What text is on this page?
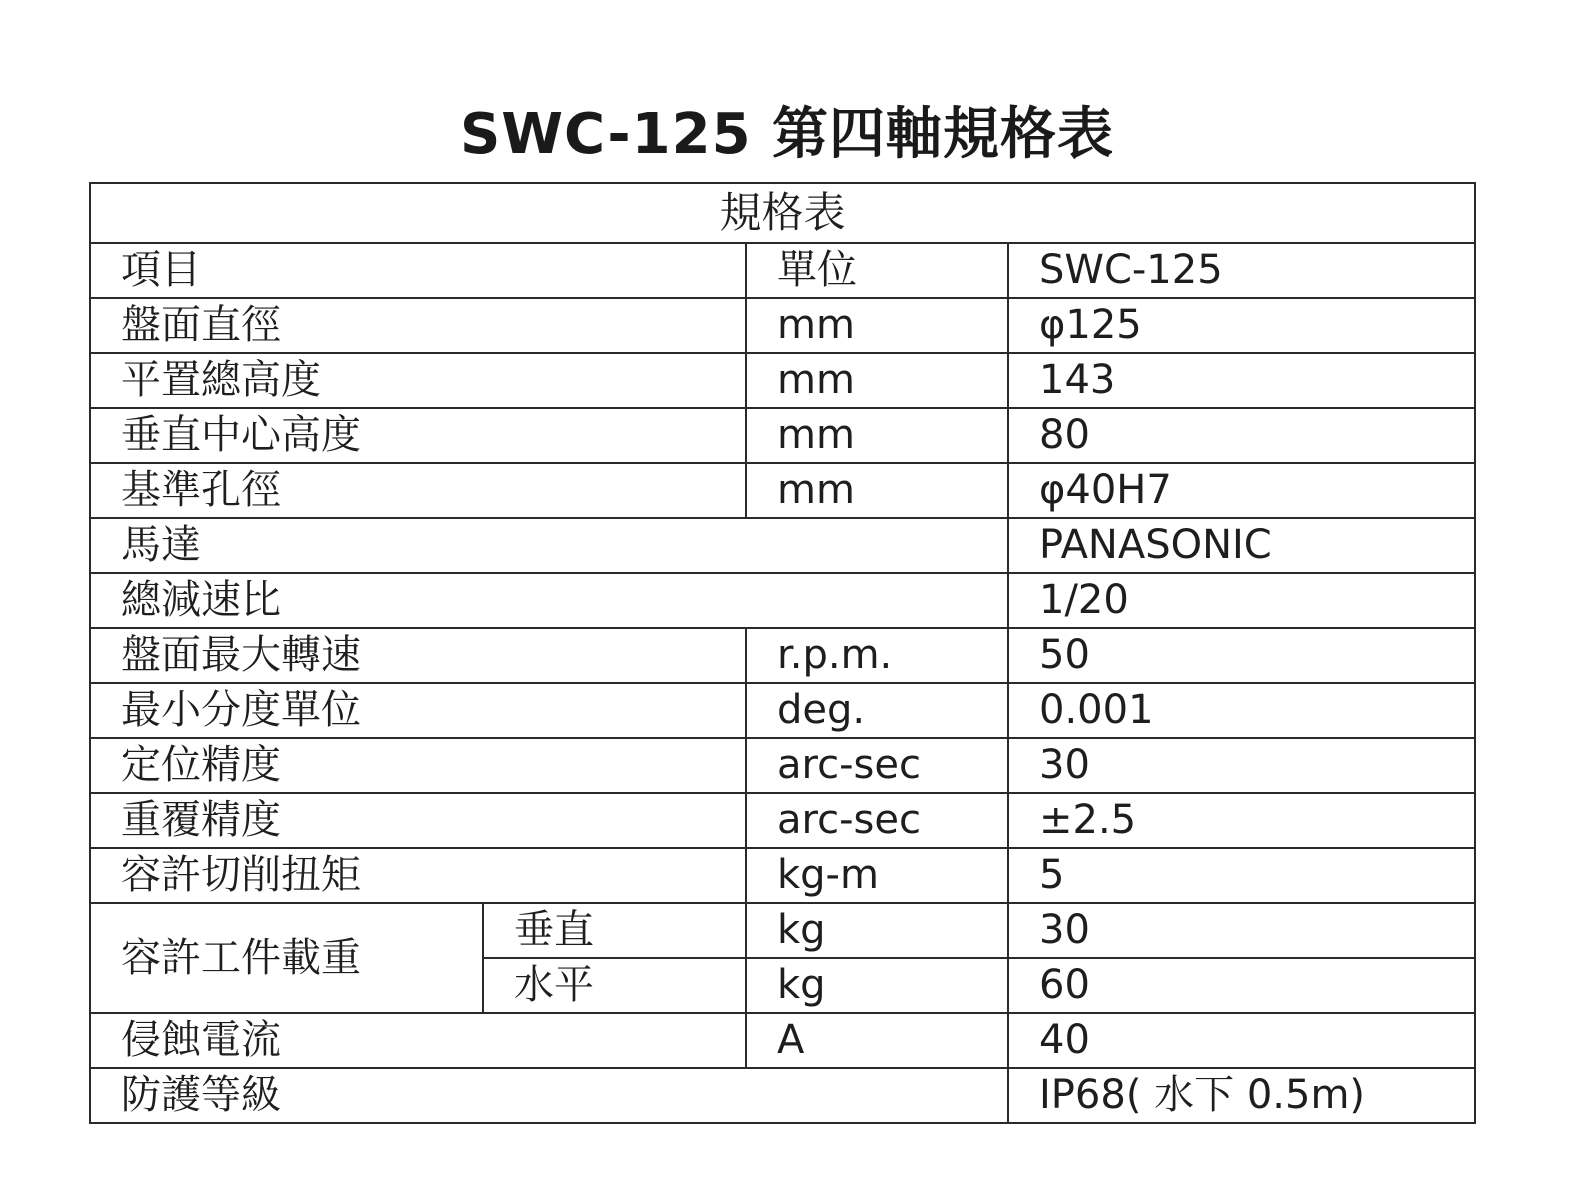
SWC-125 第四軸規格表
規格表			
項目		單位	SWC-125
盤面直徑		mm	φ125
平置總高度		mm	143
垂直中心高度		mm	80
基準孔徑		mm	φ40H7
馬達			PANASONIC
總減速比			1/20
盤面最大轉速		r.p.m.	50
最小分度單位		deg.	0.001
定位精度		arc-sec	30
重覆精度		arc-sec	±2.5
容許切削扭矩		kg-m	5
容許工件載重	垂直	kg	30
	水平	kg	60
侵蝕電流		A	40
防護等級			IP68( 水下 0.5m)
